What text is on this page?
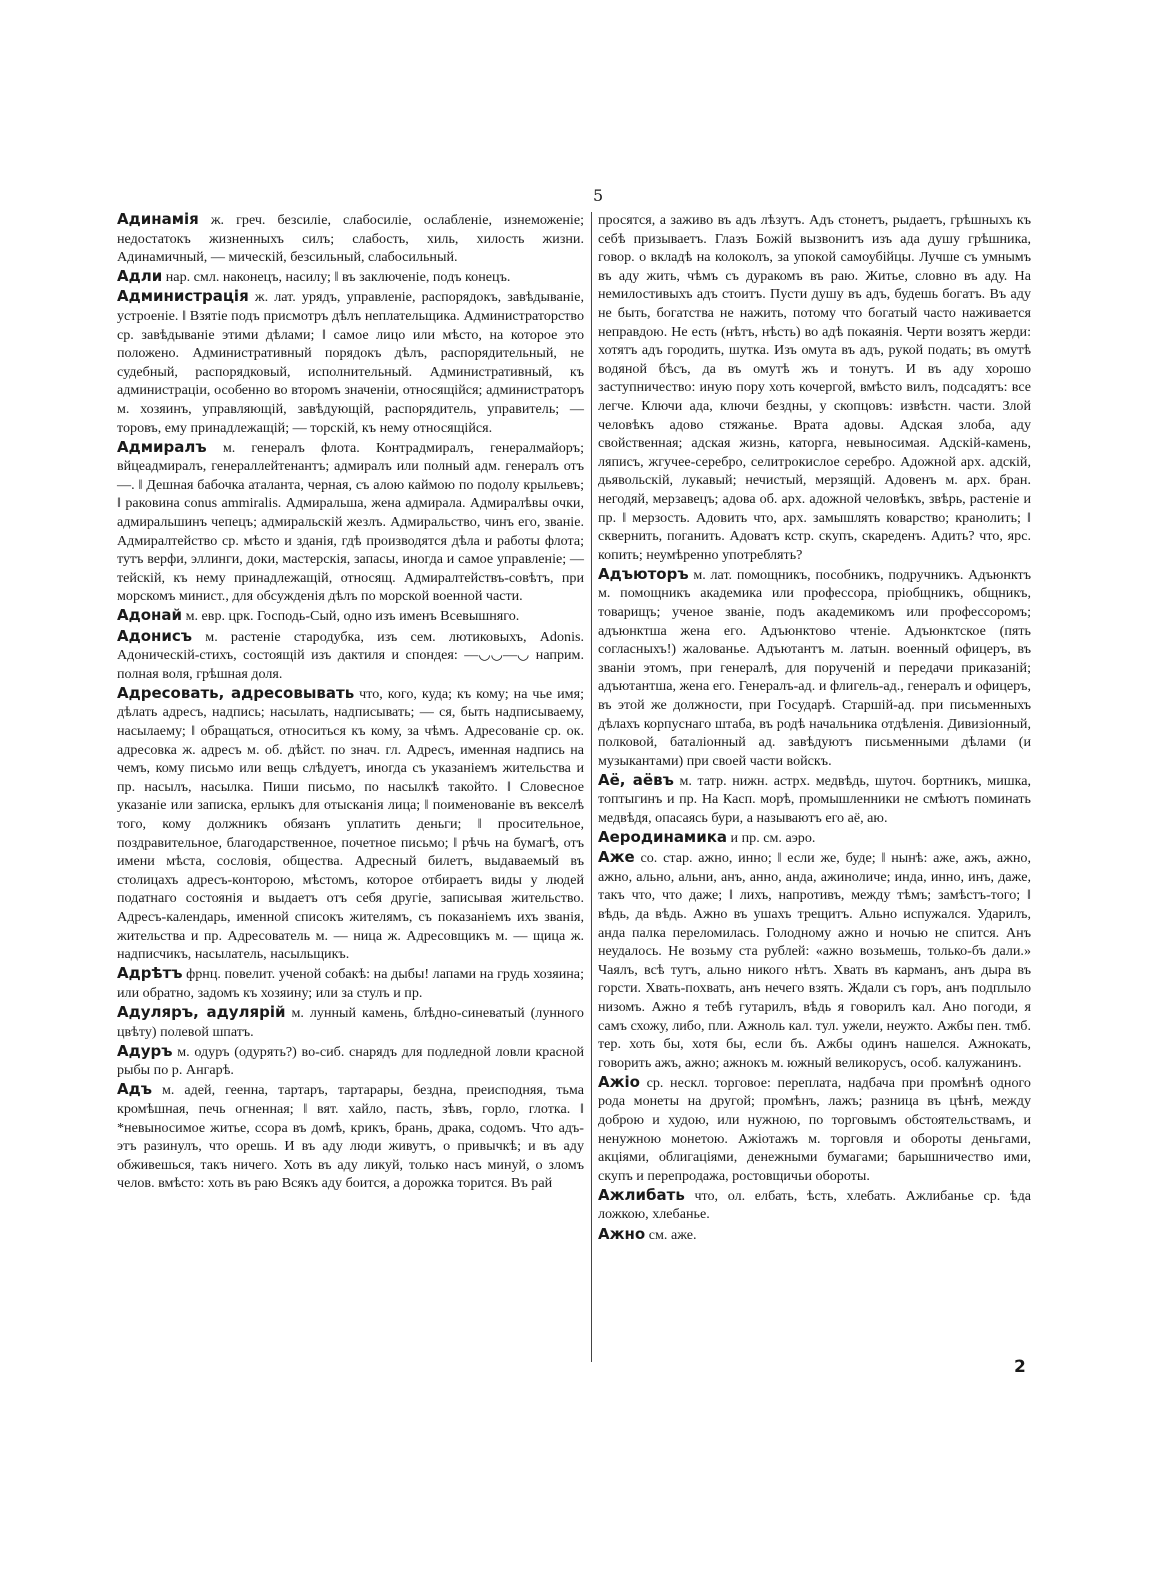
5

Адинамія ж. греч. безсиліе, слабосиліе, ослабленіе, изнеможеніе; недостатокъ жизненныхъ силъ; слабость, хиль, хилость жизни. Адинамичный, — мическій, безсильный, слабосильный.

Адли нар. смл. наконецъ, насилу; ‖ въ заключеніе, подъ конецъ.

Администрація ж. лат. урядъ, управленіе, распорядокъ, завѣдываніе, устроеніе. ‖ Взятіе подъ присмотръ дѣлъ неплательщика. Администраторство ср. завѣдываніе этими дѣлами; ‖ самое лицо или мѣсто, на которое это положено. Административный порядокъ дѣлъ, распорядительный, не судебный, распорядковый, исполнительный. Административный, къ администраціи, особенно во второмъ значеніи, относящійся; администраторъ м. хозяинъ, управляющій, завѣдующій, распорядитель, управитель; — торовъ, ему принадлежащій; — торскій, къ нему относящійся.

Адмиралъ м. генералъ флота. Контрадмиралъ, генералмайоръ; вйцеадмиралъ, генераллейтенантъ; адмиралъ или полный адм. генералъ отъ—. ‖ Дешная бабочка аталанта, черная, съ алою каймою по подолу крыльевъ; ‖ раковина conus ammiralis. Адмиральша, жена адмирала. Адмиралѣвы очки, адмиральшинъ чепецъ; адмиральскій жезлъ. Адмиральство, чинъ его, званіе. Адмиралтейство ср. мѣсто и зданія, гдѣ производятся дѣла и работы флота; тутъ верфи, эллинги, доки, мастерскія, запасы, иногда и самое управленіе; — тейскій, къ нему принадлежащій, относящ. Адмиралтействъ-совѣтъ, при морскомъ минист., для обсужденія дѣлъ по морской военной части.

Адонай м. евр. црк. Господь-Сый, одно изъ именъ Всевышняго.

Адонисъ м. растеніе стародубка, изъ сем. лютиковыхъ, Adonis. Адоническій-стихъ, состоящій изъ дактиля и спондея: —◡◡—◡ наприм. полная воля, грѣшная доля.

Адресовать, адресовывать что, кого, куда; къ кому; на чье имя; дѣлать адресъ, надпись; насылать, надписывать; — ся, быть надписываему, насылаему; ‖ обращаться, относиться къ кому, за чѣмъ. Адресованіе ср. ок. адресовка ж. адресъ м. об. дѣйст. по знач. гл. Адресъ, именная надпись на чемъ, кому письмо или вещь слѣдуетъ, иногда съ указаніемъ жительства и пр. насылъ, насылка. Пиши письмо, по насылкѣ такойто. ‖ Словесное указаніе или записка, ерлыкъ для отысканія лица; ‖ поименованіе въ векселѣ того, кому должникъ обязанъ уплатить деньги; ‖ просительное, поздравительное, благодарственное, почетное письмо; ‖ рѣчь на бумагѣ, отъ имени мѣста, сословія, общества. Адресный билетъ, выдаваемый въ столицахъ адресъ-конторою, мѣстомъ, которое отбираетъ виды у людей податнаго состоянія и выдаетъ отъ себя другіе, записывая жительство. Адресъ-календарь, именной списокъ жителямъ, съ показаніемъ ихъ званія, жительства и пр. Адресователь м. — ница ж. Адресовщикъ м. — щица ж. надписчикъ, насылатель, насыльщикъ.

Адрѣтъ фрнц. повелит. ученой собакѣ: на дыбы! лапами на грудь хозяина; или обратно, задомъ къ хозяину; или за стулъ и пр.

Адуляръ, адулярій м. лунный камень, блѣдно-синеватый (лунного цвѣту) полевой шпатъ.

Адуръ м. одуръ (одурять?) во-сиб. снарядъ для подледной ловли красной рыбы по р. Ангарѣ.

Адъ м. адей, геенна, тартаръ, тартарары, бездна, преисподняя, тьма кромѣшная, печь огненная; ‖ вят. хайло, пасть, зѣвъ, горло, глотка. ‖ *невыносимое житье, ссора въ домѣ, крикъ, брань, драка, содомъ. Что адъ-этъ разинулъ, что орешь. И въ аду люди живутъ, о привычкѣ; и въ аду обживешься, такъ ничего. Хоть въ аду ликуй, только насъ минуй, о зломъ челов. вмѣсто: хоть въ раю Всякъ аду боится, а дорожка торится. Въ рай

просятся, а заживо въ адъ лѣзутъ. Адъ стонетъ, рыдаетъ, грѣшныхъ къ себѣ призываетъ. Глазъ Божій вызвонитъ изъ ада душу грѣшника, говор. о вкладѣ на колоколъ, за упокой самоубійцы. Лучше съ умнымъ въ аду жить, чѣмъ съ дуракомъ въ раю. Житье, словно въ аду. На немилостивыхъ адъ стоитъ. Пусти душу въ адъ, будешь богатъ. Въ аду не быть, богатства не нажить, потому что богатый часто наживается неправдою. Не есть (нѣтъ, нѣсть) во адѣ покаянія. Черти возятъ жерди: хотятъ адъ городить, шутка. Изъ омута въ адъ, рукой подать; въ омутѣ водяной бѣсъ, да въ омутѣ жъ и тонутъ. И въ аду хорошо заступничество: иную пору хоть кочергой, вмѣсто вилъ, подсадятъ: все легче. Ключи ада, ключи бездны, у скопцовъ: извѣстн. части. Злой человѣкъ адово стяжанье. Врата адовы. Адская злоба, аду свойственная; адская жизнь, каторга, невыносимая. Адскій-камень, ляписъ, жгучее-серебро, селитрокислое серебро. Адожной арх. адскій, дьявольскій, лукавый; нечистый, мерзящій. Адовенъ м. арх. бран. негодяй, мерзавецъ; адова об. арх. адожной человѣкъ, звѣрь, растеніе и пр. ‖ мерзость. Адовить что, арх. замышлять коварство; кранолить; ‖ сквернить, поганить. Адоватъ кстр. скупъ, скареденъ. Адить? что, ярс. копить; неумѣренно употреблять?

Адъюторъ м. лат. помощникъ, пособникъ, подручникъ. Адъюнктъ м. помощникъ академика или профессора, пріобщникъ, общникъ, товарищъ; ученое званіе, подъ академикомъ или профессоромъ; адъюнктша жена его. Адъюнктово чтеніе. Адъюнктское (пять согласныхъ!) жалованье. Адъютантъ м. латын. военный офицеръ, въ званіи этомъ, при генералѣ, для порученій и передачи приказаній; адъютантша, жена его. Генералъ-ад. и флигель-ад., генералъ и офицеръ, въ этой же должности, при Государѣ. Старшій-ад. при письменныхъ дѣлахъ корпуснаго штаба, въ родѣ начальника отдѣленія. Дивизіонный, полковой, баталіонный ад. завѣдуютъ письменными дѣлами (и музыкантами) при своей части войскъ.

Аё, аёвъ м. татр. нижн. астрх. медвѣдь, шуточ. бортникъ, мишка, топтыгинъ и пр. На Касп. морѣ, промышленники не смѣютъ поминать медвѣдя, опасаясь бури, а называютъ его аё, аю.

Аеродинамика и пр. см. аэро.

Аже со. стар. ажно, инно; ‖ если же, буде; ‖ нынѣ: аже, ажъ, ажно, ажно, ально, альни, анъ, анно, анда, ажиноличе; инда, инно, инъ, даже, такъ что, что даже; ‖ лихъ, напротивъ, между тѣмъ; замѣстъ-того; ‖ вѣдь, да вѣдь. Ажно въ ушахъ трещитъ. Ально испужался. Ударилъ, анда палка переломилась. Голодному ажно и ночью не спится. Анъ неудалось. Не возьму ста рублей: «ажно возьмешь, только-бъ дали.» Чаялъ, всѣ тутъ, ально никого нѣтъ. Хвать въ карманъ, анъ дыра въ горсти. Хвать-похвать, анъ нечего взять. Ждали съ горъ, анъ подплыло низомъ. Ажно я тебѣ гутарилъ, вѣдь я говорилъ кал. Ано погоди, я самъ схожу, либо, пли. Ажноль кал. тул. ужели, неужто. Ажбы пен. тмб. тер. хоть бы, хотя бы, если бъ. Ажбы одинъ нашелся. Ажнокать, говорить ажъ, ажно; ажнокъ м. южный великорусъ, особ. калужанинъ.

Ажіо ср. нескл. торговое: переплата, надбача при промѣнѣ одного рода монеты на другой; промѣнъ, лажъ; разница въ цѣнѣ, между доброю и худою, или нужною, по торговымъ обстоятельствамъ, и ненужною монетою. Ажіотажъ м. торговля и обороты деньгами, акціями, облигаціями, денежными бумагами; барышничество ими, скупъ и перепродажа, ростовщичьи обороты.

Ажлибать что, ол. елбать, ѣсть, хлебать. Ажлибанье ср. ѣда ложкою, хлебанье.

Ажно см. аже.

2
